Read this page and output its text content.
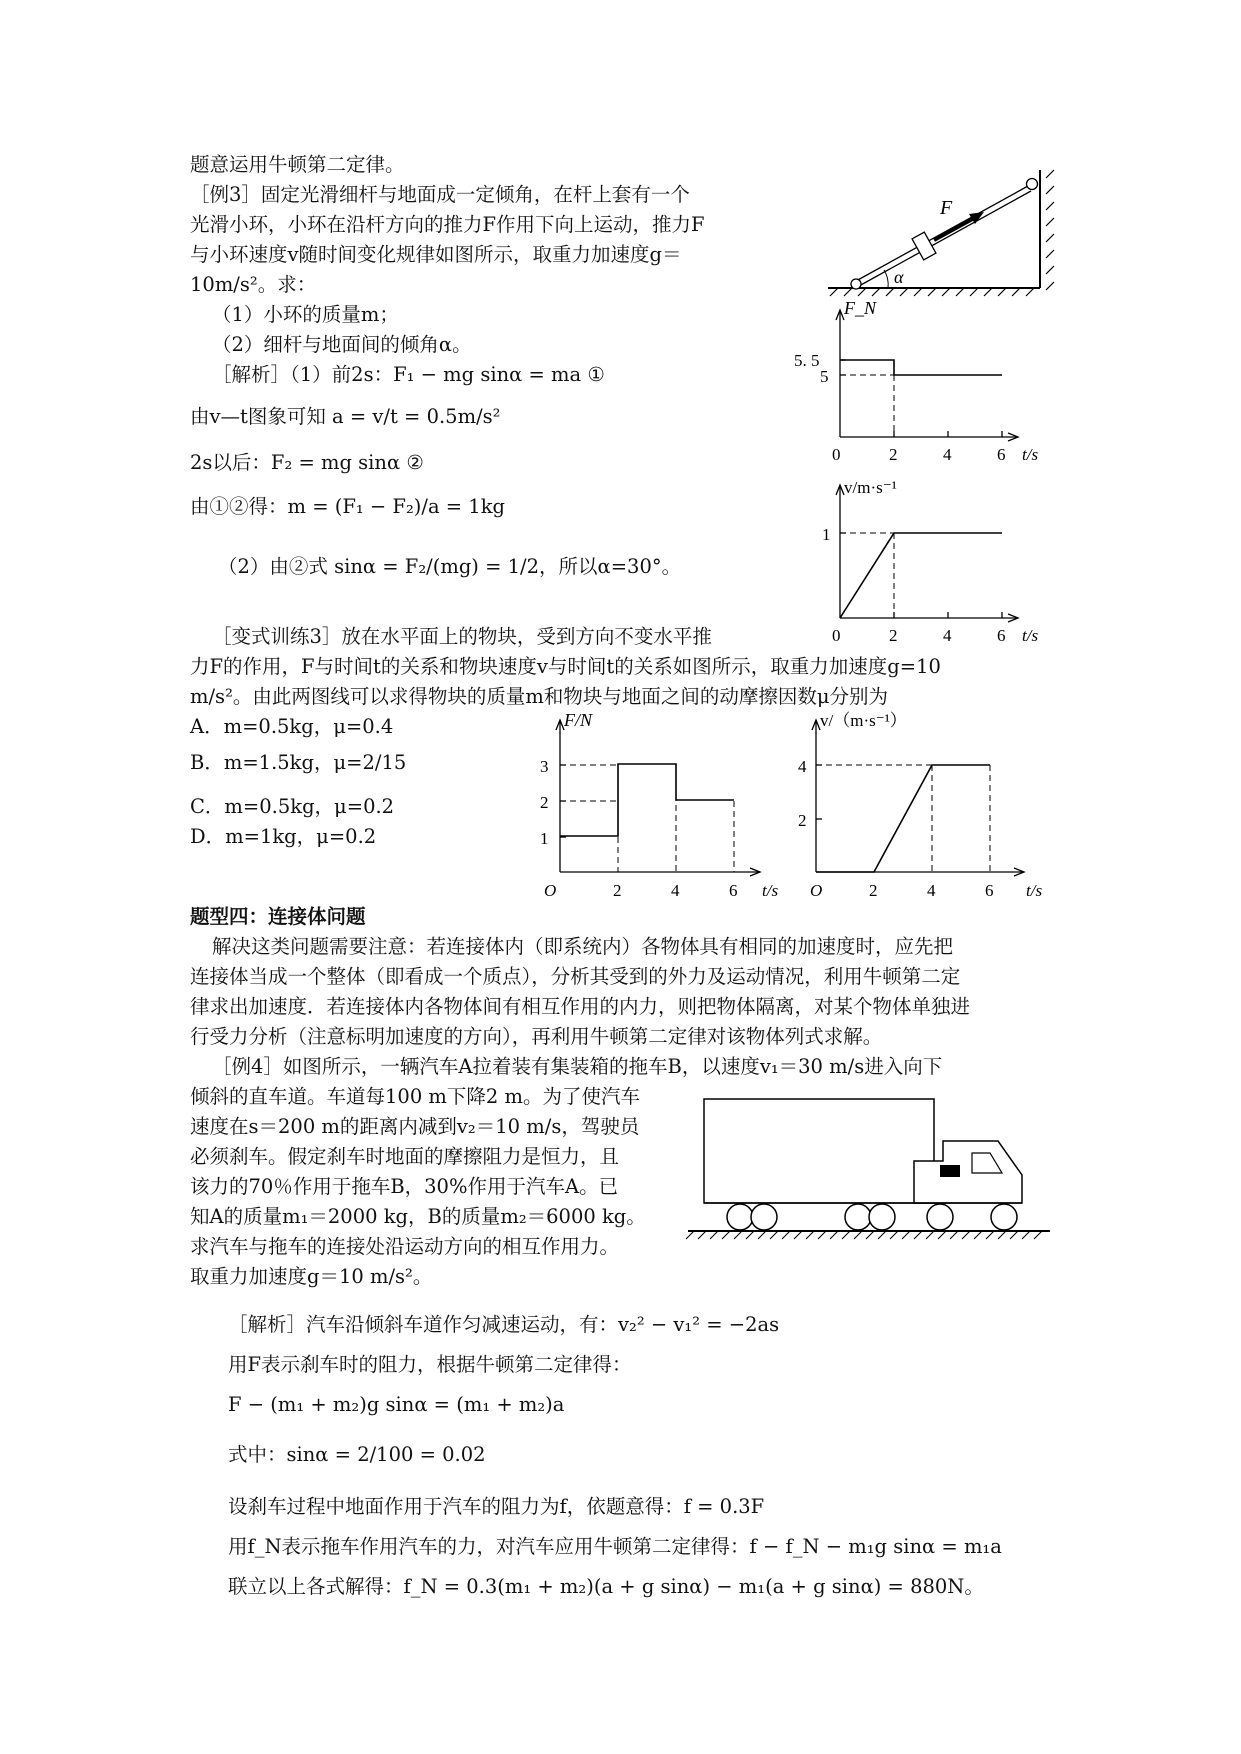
题意运用牛顿第二定律。
［例3］固定光滑细杆与地面成一定倾角，在杆上套有一个
光滑小环，小环在沿杆方向的推力F作用下向上运动，推力F
与小环速度v随时间变化规律如图所示，取重力加速度g＝
10m/s²。求：
（1）小环的质量m；
（2）细杆与地面间的倾角α。
［解析］（1）前2s：F₁ − mg sinα = ma ①
由v—t图象可知 a = v/t = 0.5m/s²
2s以后：F₂ = mg sinα ②
由①②得：m = (F₁ − F₂)/a = 1kg
（2）由②式 sinα = F₂/(mg) = 1/2，所以α=30°。
［变式训练3］放在水平面上的物块，受到方向不变水平推
力F的作用，F与时间t的关系和物块速度v与时间t的关系如图所示，取重力加速度g=10
m/s²。由此两图线可以求得物块的质量m和物块与地面之间的动摩擦因数μ分别为
A．m=0.5kg，μ=0.4
B．m=1.5kg，μ=2/15
C．m=0.5kg，μ=0.2
D．m=1kg，μ=0.2
题型四：连接体问题
解决这类问题需要注意：若连接体内（即系统内）各物体具有相同的加速度时，应先把
连接体当成一个整体（即看成一个质点），分析其受到的外力及运动情况，利用牛顿第二定
律求出加速度．若连接体内各物体间有相互作用的内力，则把物体隔离，对某个物体单独进
行受力分析（注意标明加速度的方向），再利用牛顿第二定律对该物体列式求解。
［例4］如图所示，一辆汽车A拉着装有集装箱的拖车B，以速度v₁＝30 m/s进入向下
倾斜的直车道。车道每100 m下降2 m。为了使汽车
速度在s＝200 m的距离内减到v₂＝10 m/s，驾驶员
必须刹车。假定刹车时地面的摩擦阻力是恒力，且
该力的70％作用于拖车B，30%作用于汽车A。已
知A的质量m₁＝2000 kg，B的质量m₂＝6000 kg。
求汽车与拖车的连接处沿运动方向的相互作用力。
取重力加速度g＝10 m/s²。
［解析］汽车沿倾斜车道作匀减速运动，有：v₂² − v₁² = −2as
用F表示刹车时的阻力，根据牛顿第二定律得：
F − (m₁ + m₂)g sinα = (m₁ + m₂)a
式中：sinα = 2/100 = 0.02
设刹车过程中地面作用于汽车的阻力为f，依题意得：f = 0.3F
用f_N表示拖车作用汽车的力，对汽车应用牛顿第二定律得：f − f_N − m₁g sinα = m₁a
联立以上各式解得：f_N = 0.3(m₁ + m₂)(a + g sinα) − m₁(a + g sinα) = 880N。
F
α
F_N
5. 5
5
0	2	4	6 t/s
v/m·s⁻¹
1
0	2	4	6 t/s
F/N
3
2
1
O	2	4	6 t/s
v/（m·s⁻¹）
4
2
O	2	4	6 t/s
